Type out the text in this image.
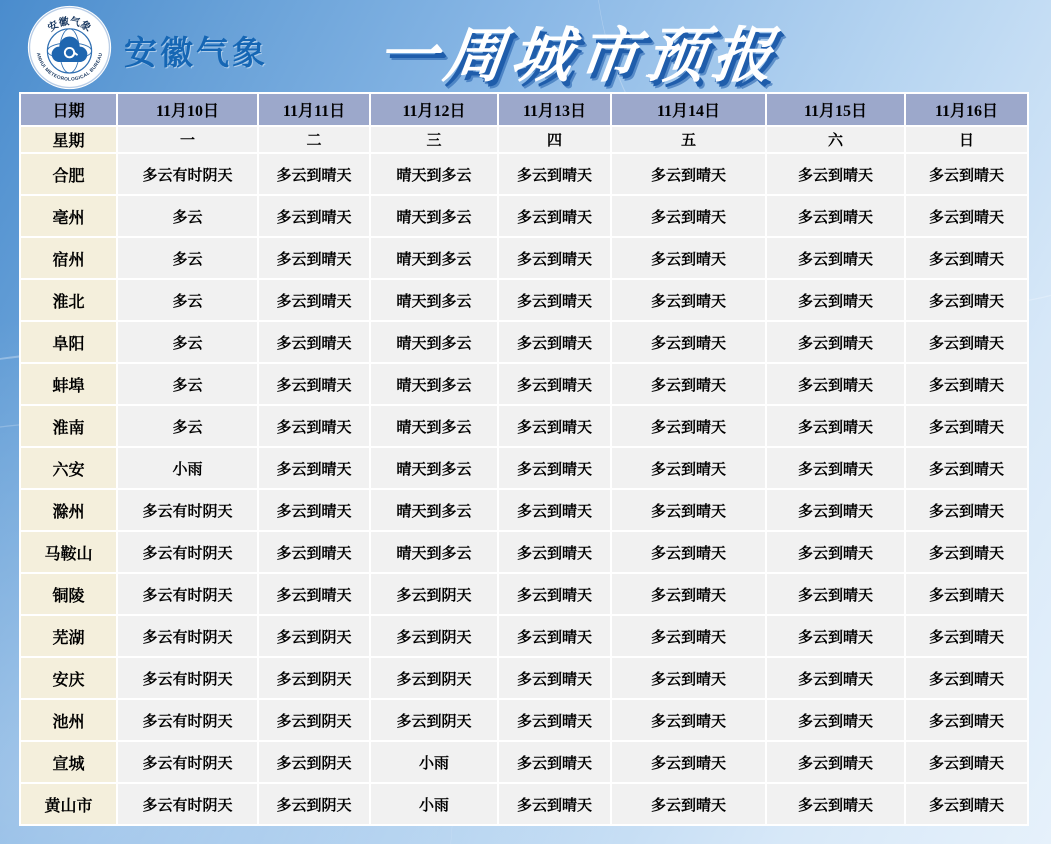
安徽气象
ANHUI METEOROLOGICAL BUREAU 安徽气象 一周城市预报
日期	11月10日	11月11日	11月12日	11月13日	11月14日	11月15日	11月16日
星期	一	二	三	四	五	六	日
合肥	多云有时阴天	多云到晴天	晴天到多云	多云到晴天	多云到晴天	多云到晴天	多云到晴天
亳州	多云	多云到晴天	晴天到多云	多云到晴天	多云到晴天	多云到晴天	多云到晴天
宿州	多云	多云到晴天	晴天到多云	多云到晴天	多云到晴天	多云到晴天	多云到晴天
淮北	多云	多云到晴天	晴天到多云	多云到晴天	多云到晴天	多云到晴天	多云到晴天
阜阳	多云	多云到晴天	晴天到多云	多云到晴天	多云到晴天	多云到晴天	多云到晴天
蚌埠	多云	多云到晴天	晴天到多云	多云到晴天	多云到晴天	多云到晴天	多云到晴天
淮南	多云	多云到晴天	晴天到多云	多云到晴天	多云到晴天	多云到晴天	多云到晴天
六安	小雨	多云到晴天	晴天到多云	多云到晴天	多云到晴天	多云到晴天	多云到晴天
滁州	多云有时阴天	多云到晴天	晴天到多云	多云到晴天	多云到晴天	多云到晴天	多云到晴天
马鞍山	多云有时阴天	多云到晴天	晴天到多云	多云到晴天	多云到晴天	多云到晴天	多云到晴天
铜陵	多云有时阴天	多云到晴天	多云到阴天	多云到晴天	多云到晴天	多云到晴天	多云到晴天
芜湖	多云有时阴天	多云到阴天	多云到阴天	多云到晴天	多云到晴天	多云到晴天	多云到晴天
安庆	多云有时阴天	多云到阴天	多云到阴天	多云到晴天	多云到晴天	多云到晴天	多云到晴天
池州	多云有时阴天	多云到阴天	多云到阴天	多云到晴天	多云到晴天	多云到晴天	多云到晴天
宣城	多云有时阴天	多云到阴天	小雨	多云到晴天	多云到晴天	多云到晴天	多云到晴天
黄山市	多云有时阴天	多云到阴天	小雨	多云到晴天	多云到晴天	多云到晴天	多云到晴天
